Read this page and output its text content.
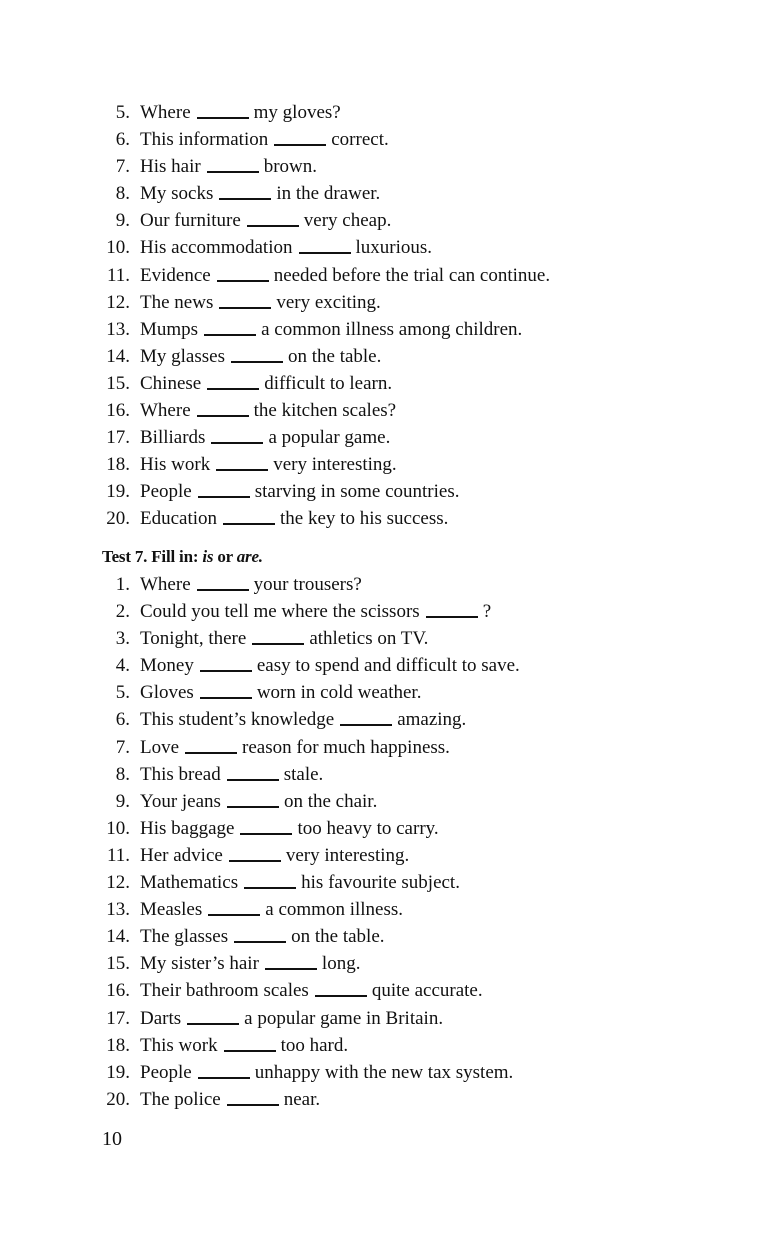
5. Where	my gloves?
6. This information	correct.
7. His hair	brown.
8. My socks	in the drawer.
9. Our furniture	very cheap.
10. His accommodation	luxurious.
11. Evidence	needed before the trial can continue.
12. The news	very exciting.
13. Mumps	a common illness among children.
14. My glasses	on the table.
15. Chinese	difficult to learn.
16. Where	the kitchen scales?
17. Billiards	a popular game.
18. His work	very interesting.
19. People	starving in some countries.
20. Education	the key to his success.
Test 7. Fill in: is or are.
1. Where	your trousers?
2. Could you tell me where the scissors	?
3. Tonight, there	athletics on TV.
4. Money	easy to spend and difficult to save.
5. Gloves	worn in cold weather.
6. This student’s knowledge	amazing.
7. Love	reason for much happiness.
8. This bread	stale.
9. Your jeans	on the chair.
10. His baggage	too heavy to carry.
11. Her advice	very interesting.
12. Mathematics	his favourite subject.
13. Measles	a common illness.
14. The glasses	on the table.
15. My sister’s hair	long.
16. Their bathroom scales	quite accurate.
17. Darts	a popular game in Britain.
18. This work	too hard.
19. People	unhappy with the new tax system.
20. The police	near.
10
